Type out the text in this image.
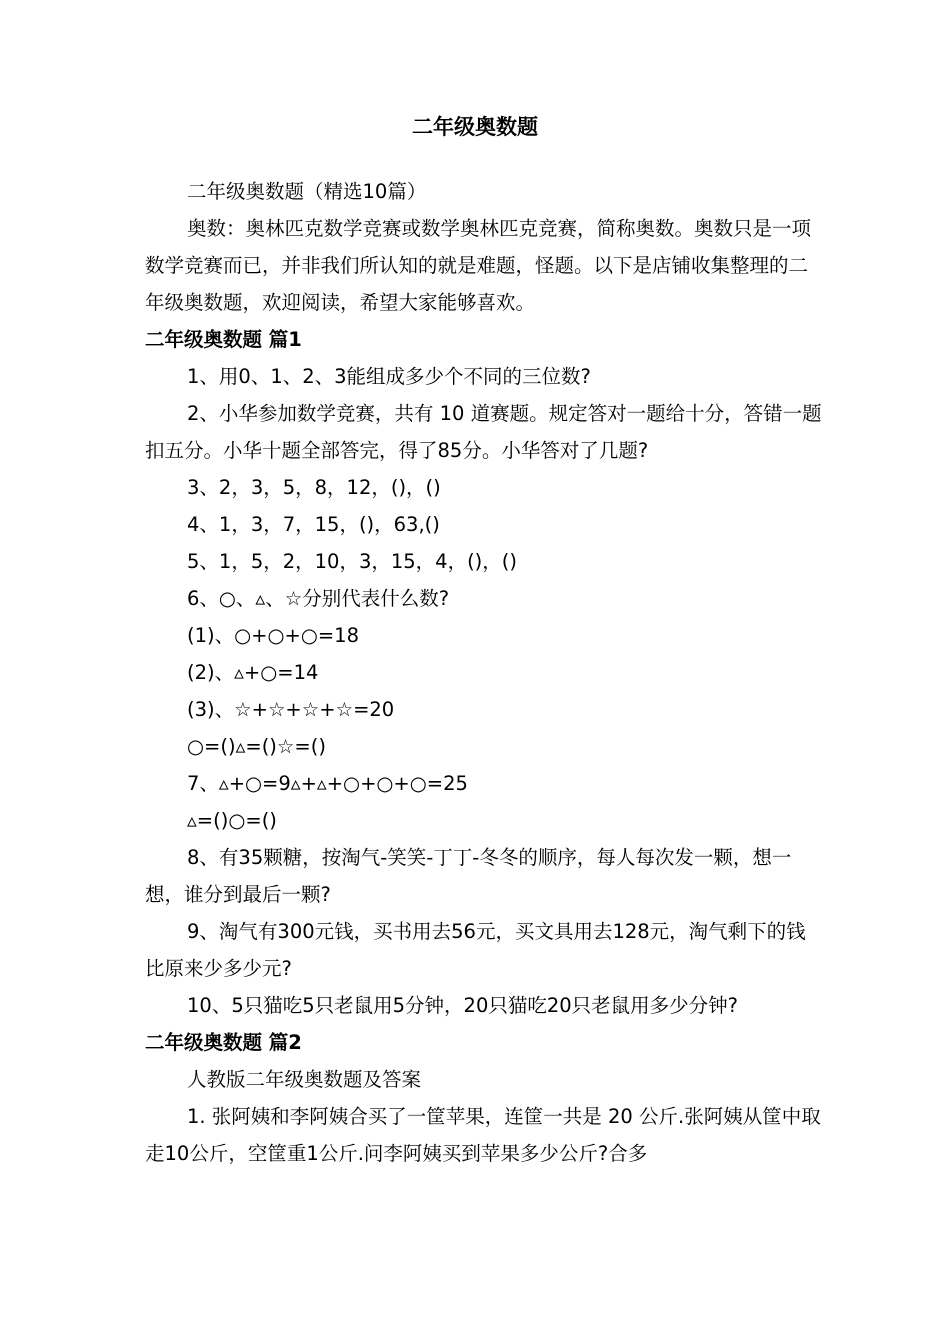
二年级奥数题

二年级奥数题（精选10篇）

奥数：奥林匹克数学竞赛或数学奥林匹克竞赛，简称奥数。奥数只是一项数学竞赛而已，并非我们所认知的就是难题，怪题。以下是店铺收集整理的二年级奥数题，欢迎阅读，希望大家能够喜欢。

二年级奥数题 篇1

1、用0、1、2、3能组成多少个不同的三位数?

2、小华参加数学竞赛，共有 10 道赛题。规定答对一题给十分，答错一题扣五分。小华十题全部答完，得了85分。小华答对了几题?

3、2，3，5，8，12，()，()

4、1，3，7，15，()，63,()

5、1，5，2，10，3，15，4，()，()

6、○、▵、☆分别代表什么数?

(1)、○+○+○=18

(2)、▵+○=14

(3)、☆+☆+☆+☆=20

○=()▵=()☆=()

7、▵+○=9▵+▵+○+○+○=25

▵=()○=()

8、有35颗糖，按淘气-笑笑-丁丁-冬冬的顺序，每人每次发一颗，想一想，谁分到最后一颗?

9、淘气有300元钱，买书用去56元，买文具用去128元，淘气剩下的钱比原来少多少元?

10、5只猫吃5只老鼠用5分钟，20只猫吃20只老鼠用多少分钟?

二年级奥数题 篇2

人教版二年级奥数题及答案

1. 张阿姨和李阿姨合买了一筐苹果，连筐一共是 20 公斤.张阿姨从筐中取走10公斤，空筐重1公斤.问李阿姨买到苹果多少公斤?合多
